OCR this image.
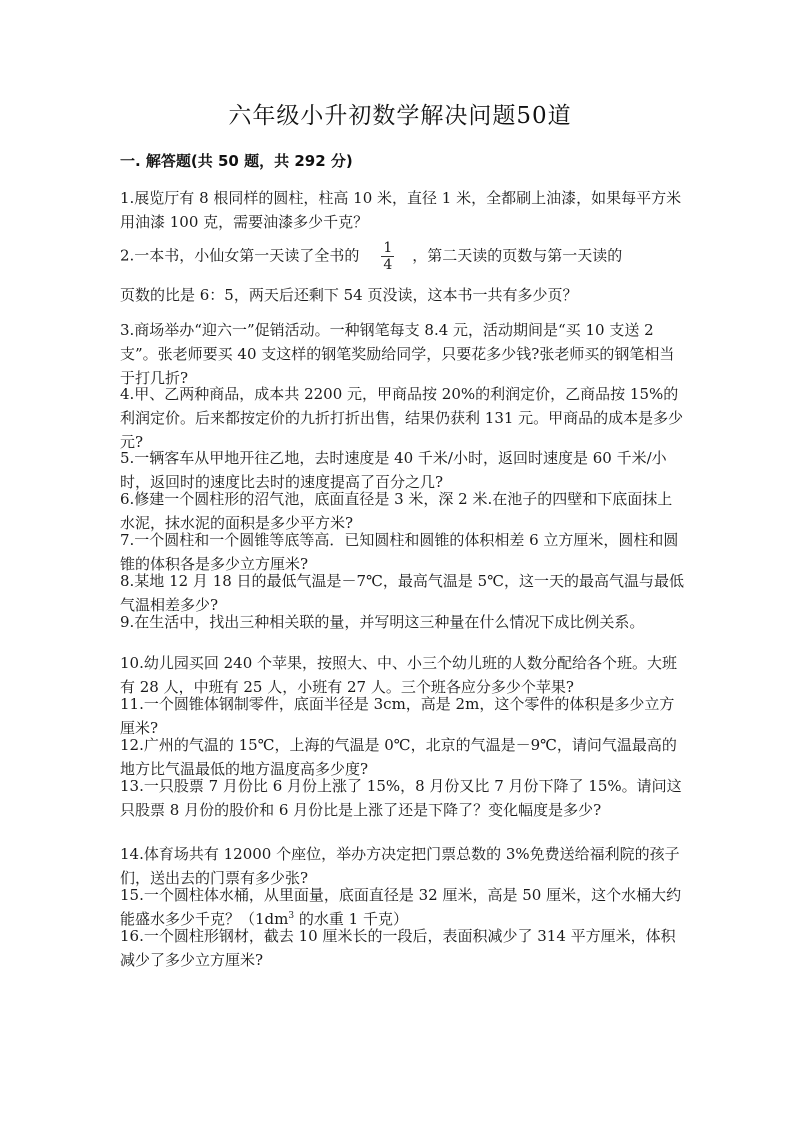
六年级小升初数学解决问题50道
一. 解答题(共 50 题，共 292 分)
1.展览厅有 8 根同样的圆柱，柱高 10 米，直径 1 米，全都刷上油漆，如果每平方米用油漆 100 克，需要油漆多少千克？
2.一本书，小仙女第一天读了全书的 $\frac{1}{4}$ ，第二天读的页数与第一天读的
页数的比是 6：5，两天后还剩下 54 页没读，这本书一共有多少页？
3.商场举办“迎六一”促销活动。一种钢笔每支 8.4 元，活动期间是“买 10 支送 2 支”。张老师要买 40 支这样的钢笔奖励给同学，只要花多少钱?张老师买的钢笔相当于打几折?
4.甲、乙两种商品，成本共 2200 元，甲商品按 20%的利润定价，乙商品按 15%的利润定价。后来都按定价的九折打折出售，结果仍获利 131 元。甲商品的成本是多少元?
5.一辆客车从甲地开往乙地，去时速度是 40 千米/小时，返回时速度是 60 千米/小时，返回时的速度比去时的速度提高了百分之几?
6.修建一个圆柱形的沼气池，底面直径是 3 米，深 2 米.在池子的四壁和下底面抹上水泥，抹水泥的面积是多少平方米?
7.一个圆柱和一个圆锥等底等高．已知圆柱和圆锥的体积相差 6 立方厘米，圆柱和圆锥的体积各是多少立方厘米?
8.某地 12 月 18 日的最低气温是－7℃，最高气温是 5℃，这一天的最高气温与最低气温相差多少?
9.在生活中，找出三种相关联的量，并写明这三种量在什么情况下成比例关系。
10.幼儿园买回 240 个苹果，按照大、中、小三个幼儿班的人数分配给各个班。大班有 28 人，中班有 25 人，小班有 27 人。三个班各应分多少个苹果?
11.一个圆锥体钢制零件，底面半径是 3cm，高是 2m，这个零件的体积是多少立方厘米?
12.广州的气温的 15℃，上海的气温是 0℃，北京的气温是－9℃，请问气温最高的地方比气温最低的地方温度高多少度?
13.一只股票 7 月份比 6 月份上涨了 15%，8 月份又比 7 月份下降了 15%。请问这只股票 8 月份的股价和 6 月份比是上涨了还是下降了？变化幅度是多少?
14.体育场共有 12000 个座位，举办方决定把门票总数的 3%免费送给福利院的孩子们，送出去的门票有多少张?
15.一个圆柱体水桶，从里面量，底面直径是 32 厘米，高是 50 厘米，这个水桶大约能盛水多少千克？（$1dm^3$ 的水重 1 千克）
16.一个圆柱形钢材，截去 10 厘米长的一段后，表面积减少了 314 平方厘米，体积减少了多少立方厘米?
